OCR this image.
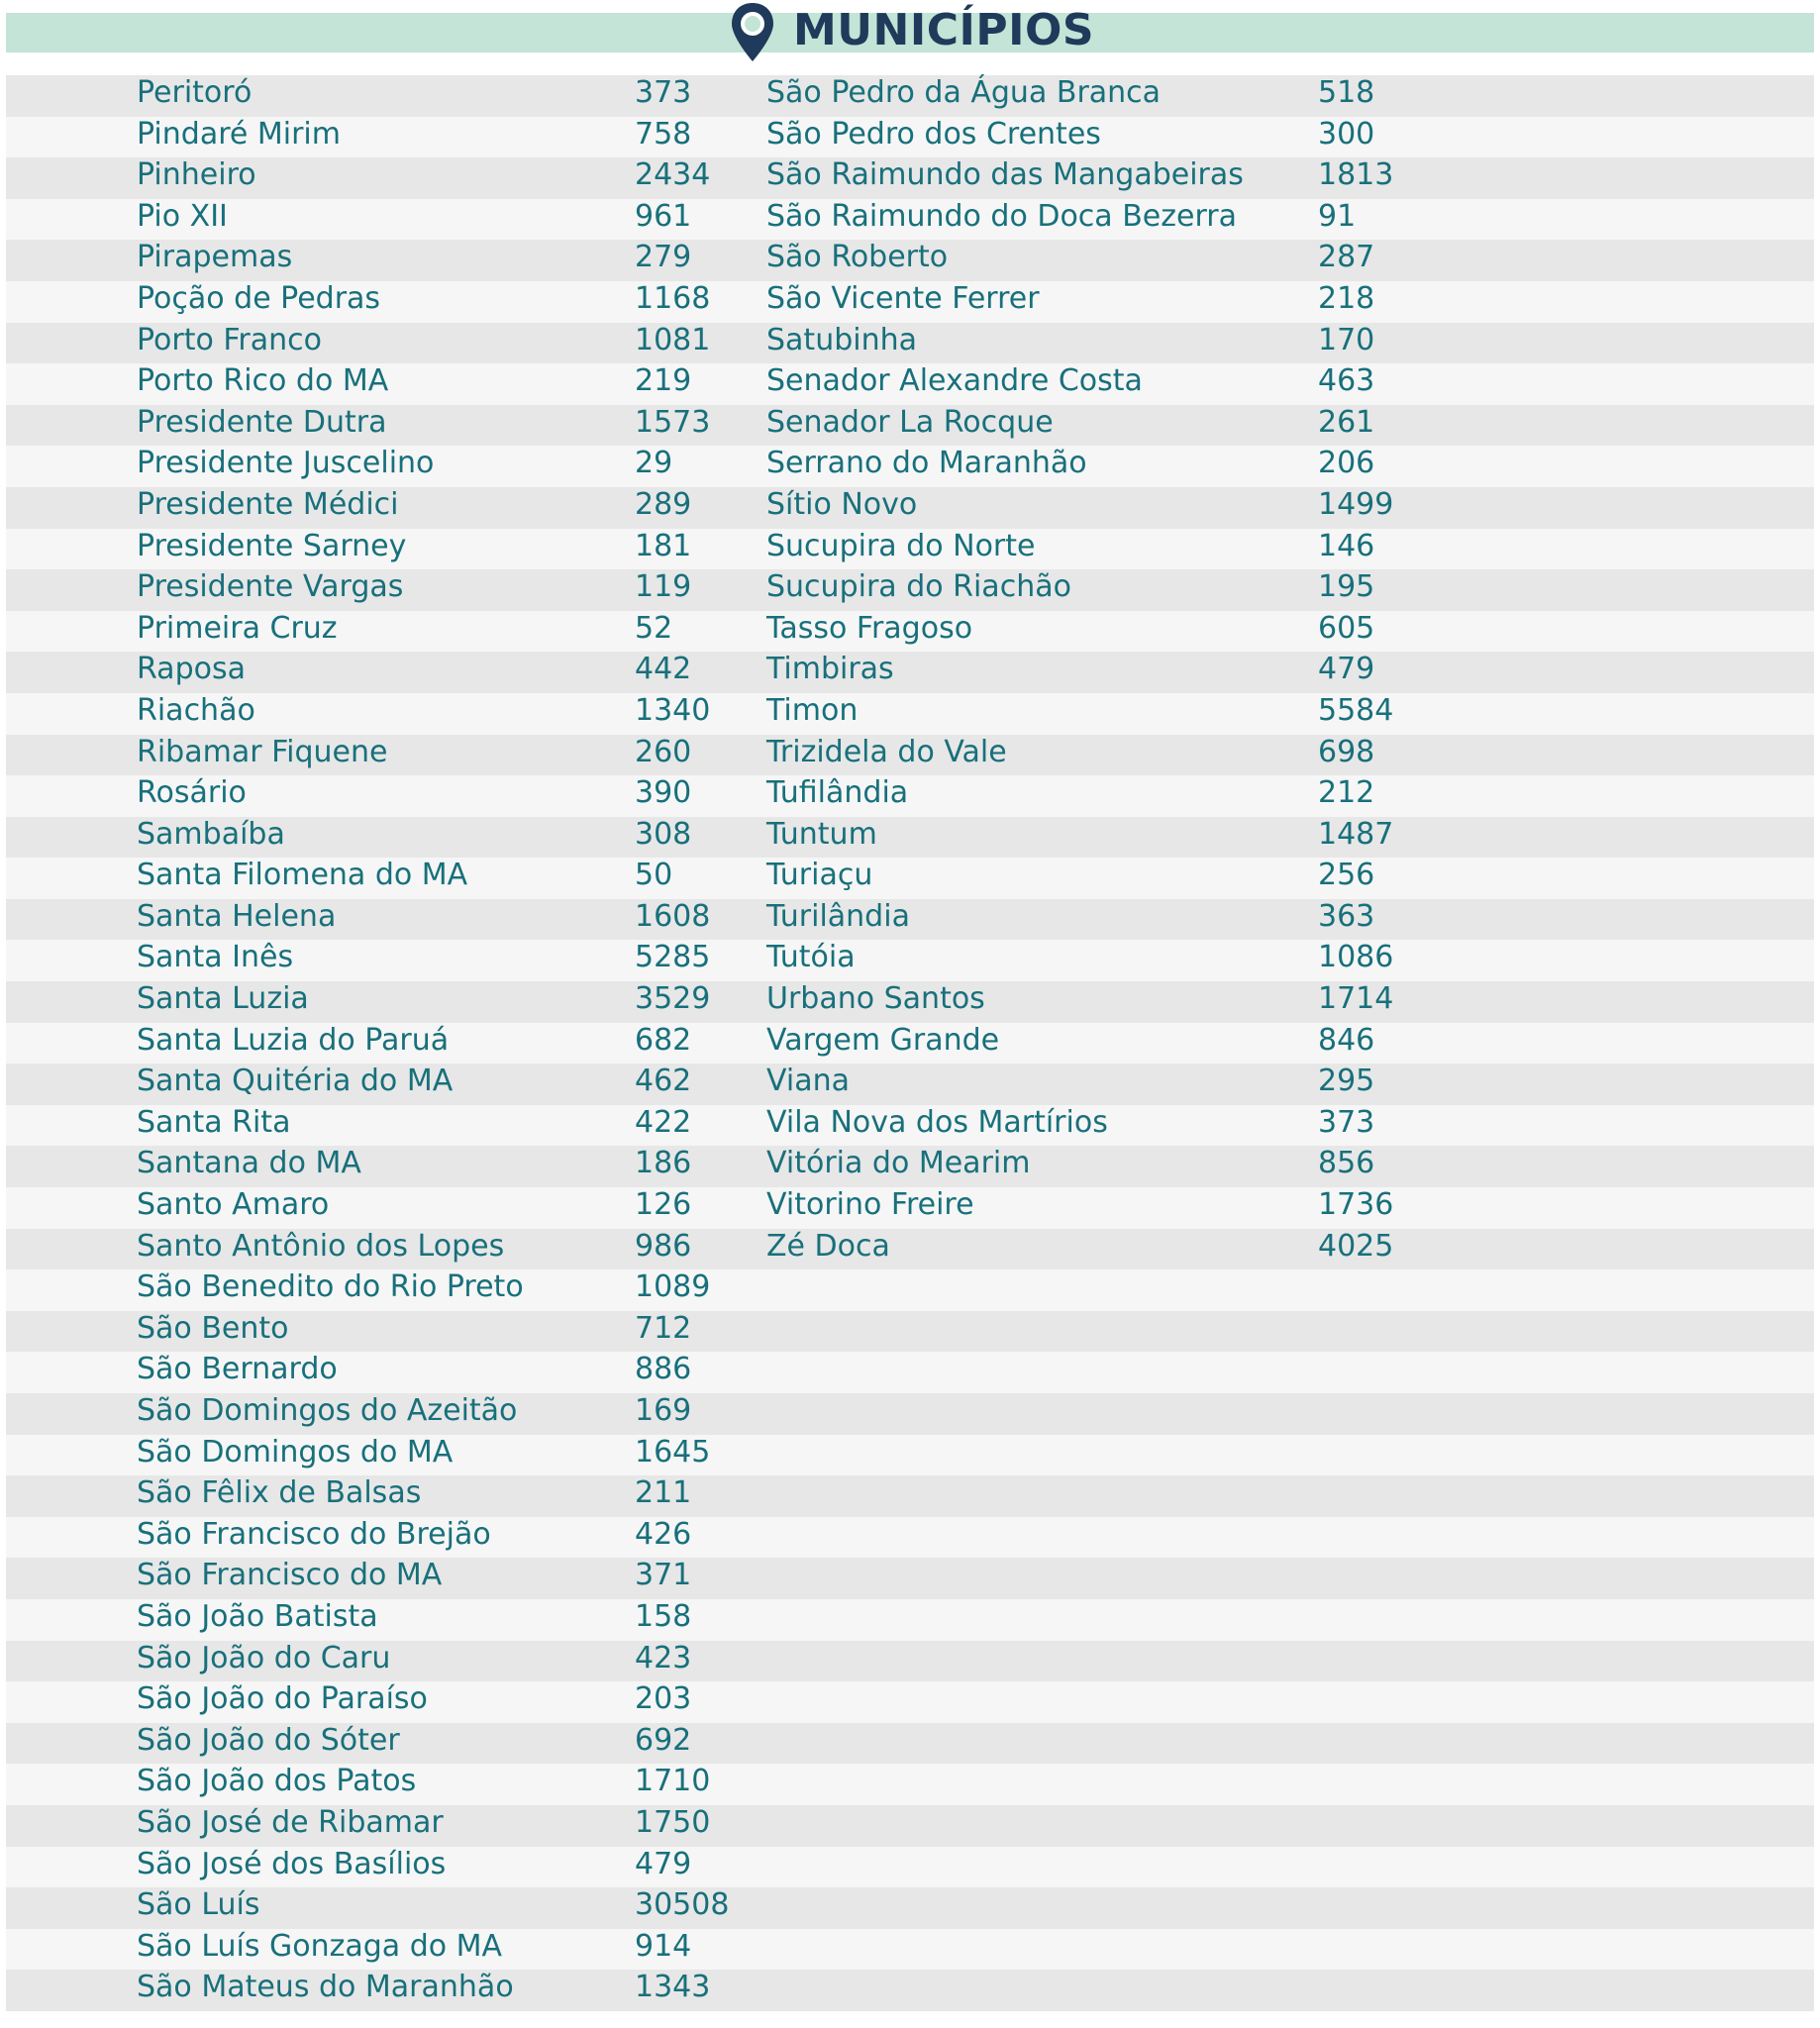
MUNICÍPIOS
Peritoró	373
Pindaré Mirim	758
Pinheiro	2434
Pio XII	961
Pirapemas	279
Poção de Pedras	1168
Porto Franco	1081
Porto Rico do MA	219
Presidente Dutra	1573
Presidente Juscelino	29
Presidente Médici	289
Presidente Sarney	181
Presidente Vargas	119
Primeira Cruz	52
Raposa	442
Riachão	1340
Ribamar Fiquene	260
Rosário	390
Sambaíba	308
Santa Filomena do MA	50
Santa Helena	1608
Santa Inês	5285
Santa Luzia	3529
Santa Luzia do Paruá	682
Santa Quitéria do MA	462
Santa Rita	422
Santana do MA	186
Santo Amaro	126
Santo Antônio dos Lopes	986
São Benedito do Rio Preto	1089
São Bento	712
São Bernardo	886
São Domingos do Azeitão	169
São Domingos do MA	1645
São Fêlix de Balsas	211
São Francisco do Brejão	426
São Francisco do MA	371
São João Batista	158
São João do Caru	423
São João do Paraíso	203
São João do Sóter	692
São João dos Patos	1710
São José de Ribamar	1750
São José dos Basílios	479
São Luís	30508
São Luís Gonzaga do MA	914
São Mateus do Maranhão	1343
São Pedro da Água Branca	518
São Pedro dos Crentes	300
São Raimundo das Mangabeiras	1813
São Raimundo do Doca Bezerra	91
São Roberto	287
São Vicente Ferrer	218
Satubinha	170
Senador Alexandre Costa	463
Senador La Rocque	261
Serrano do Maranhão	206
Sítio Novo	1499
Sucupira do Norte	146
Sucupira do Riachão	195
Tasso Fragoso	605
Timbiras	479
Timon	5584
Trizidela do Vale	698
Tufilândia	212
Tuntum	1487
Turiaçu	256
Turilândia	363
Tutóia	1086
Urbano Santos	1714
Vargem Grande	846
Viana	295
Vila Nova dos Martírios	373
Vitória do Mearim	856
Vitorino Freire	1736
Zé Doca	4025
